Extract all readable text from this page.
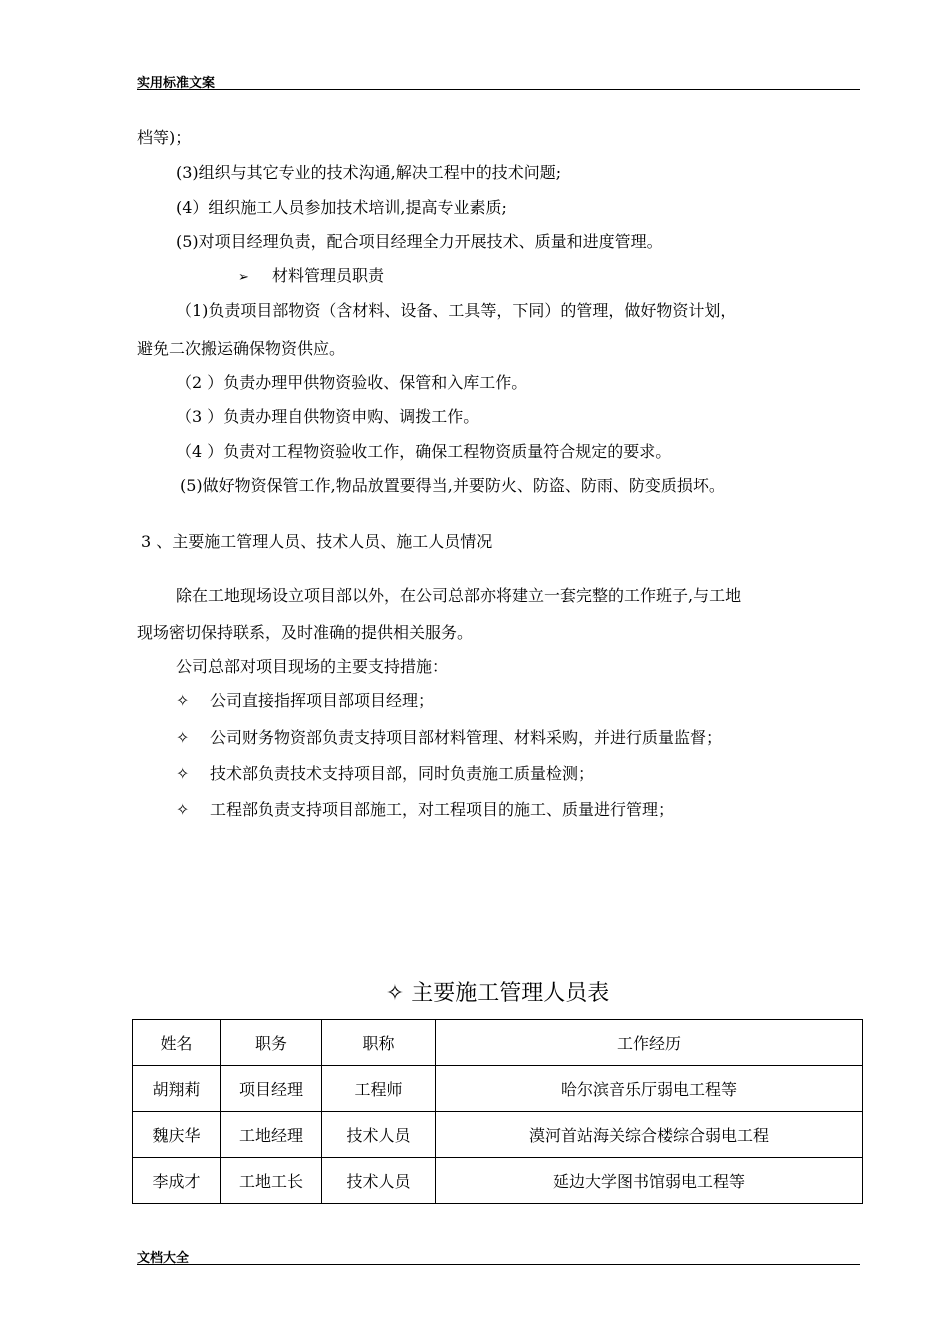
实用标准文案
档等)；
(3)组织与其它专业的技术沟通,解决工程中的技术问题;
(4）组织施工人员参加技术培训,提高专业素质;
(5)对项目经理负责，配合项目经理全力开展技术、质量和进度管理。
➢ 材料管理员职责
（1)负责项目部物资（含材料、设备、工具等，下同）的管理，做好物资计划，
避免二次搬运确保物资供应。
（2 ）负责办理甲供物资验收、保管和入库工作。
（3 ）负责办理自供物资申购、调拨工作。
（4 ）负责对工程物资验收工作，确保工程物资质量符合规定的要求。
(5)做好物资保管工作,物品放置要得当,并要防火、防盗、防雨、防变质损坏。
3 、主要施工管理人员、技术人员、施工人员情况
除在工地现场设立项目部以外，在公司总部亦将建立一套完整的工作班子,与工地
现场密切保持联系，及时准确的提供相关服务。
公司总部对项目现场的主要支持措施：
✧ 公司直接指挥项目部项目经理；
✧ 公司财务物资部负责支持项目部材料管理、材料采购，并进行质量监督；
✧ 技术部负责技术支持项目部，同时负责施工质量检测；
✧ 工程部负责支持项目部施工，对工程项目的施工、质量进行管理；
✧ 主要施工管理人员表
姓名	职务	职称	工作经历
胡翔莉	项目经理	工程师	哈尔滨音乐厅弱电工程等
魏庆华	工地经理	技术人员	漠河首站海关综合楼综合弱电工程
李成才	工地工长	技术人员	延边大学图书馆弱电工程等
文档大全
